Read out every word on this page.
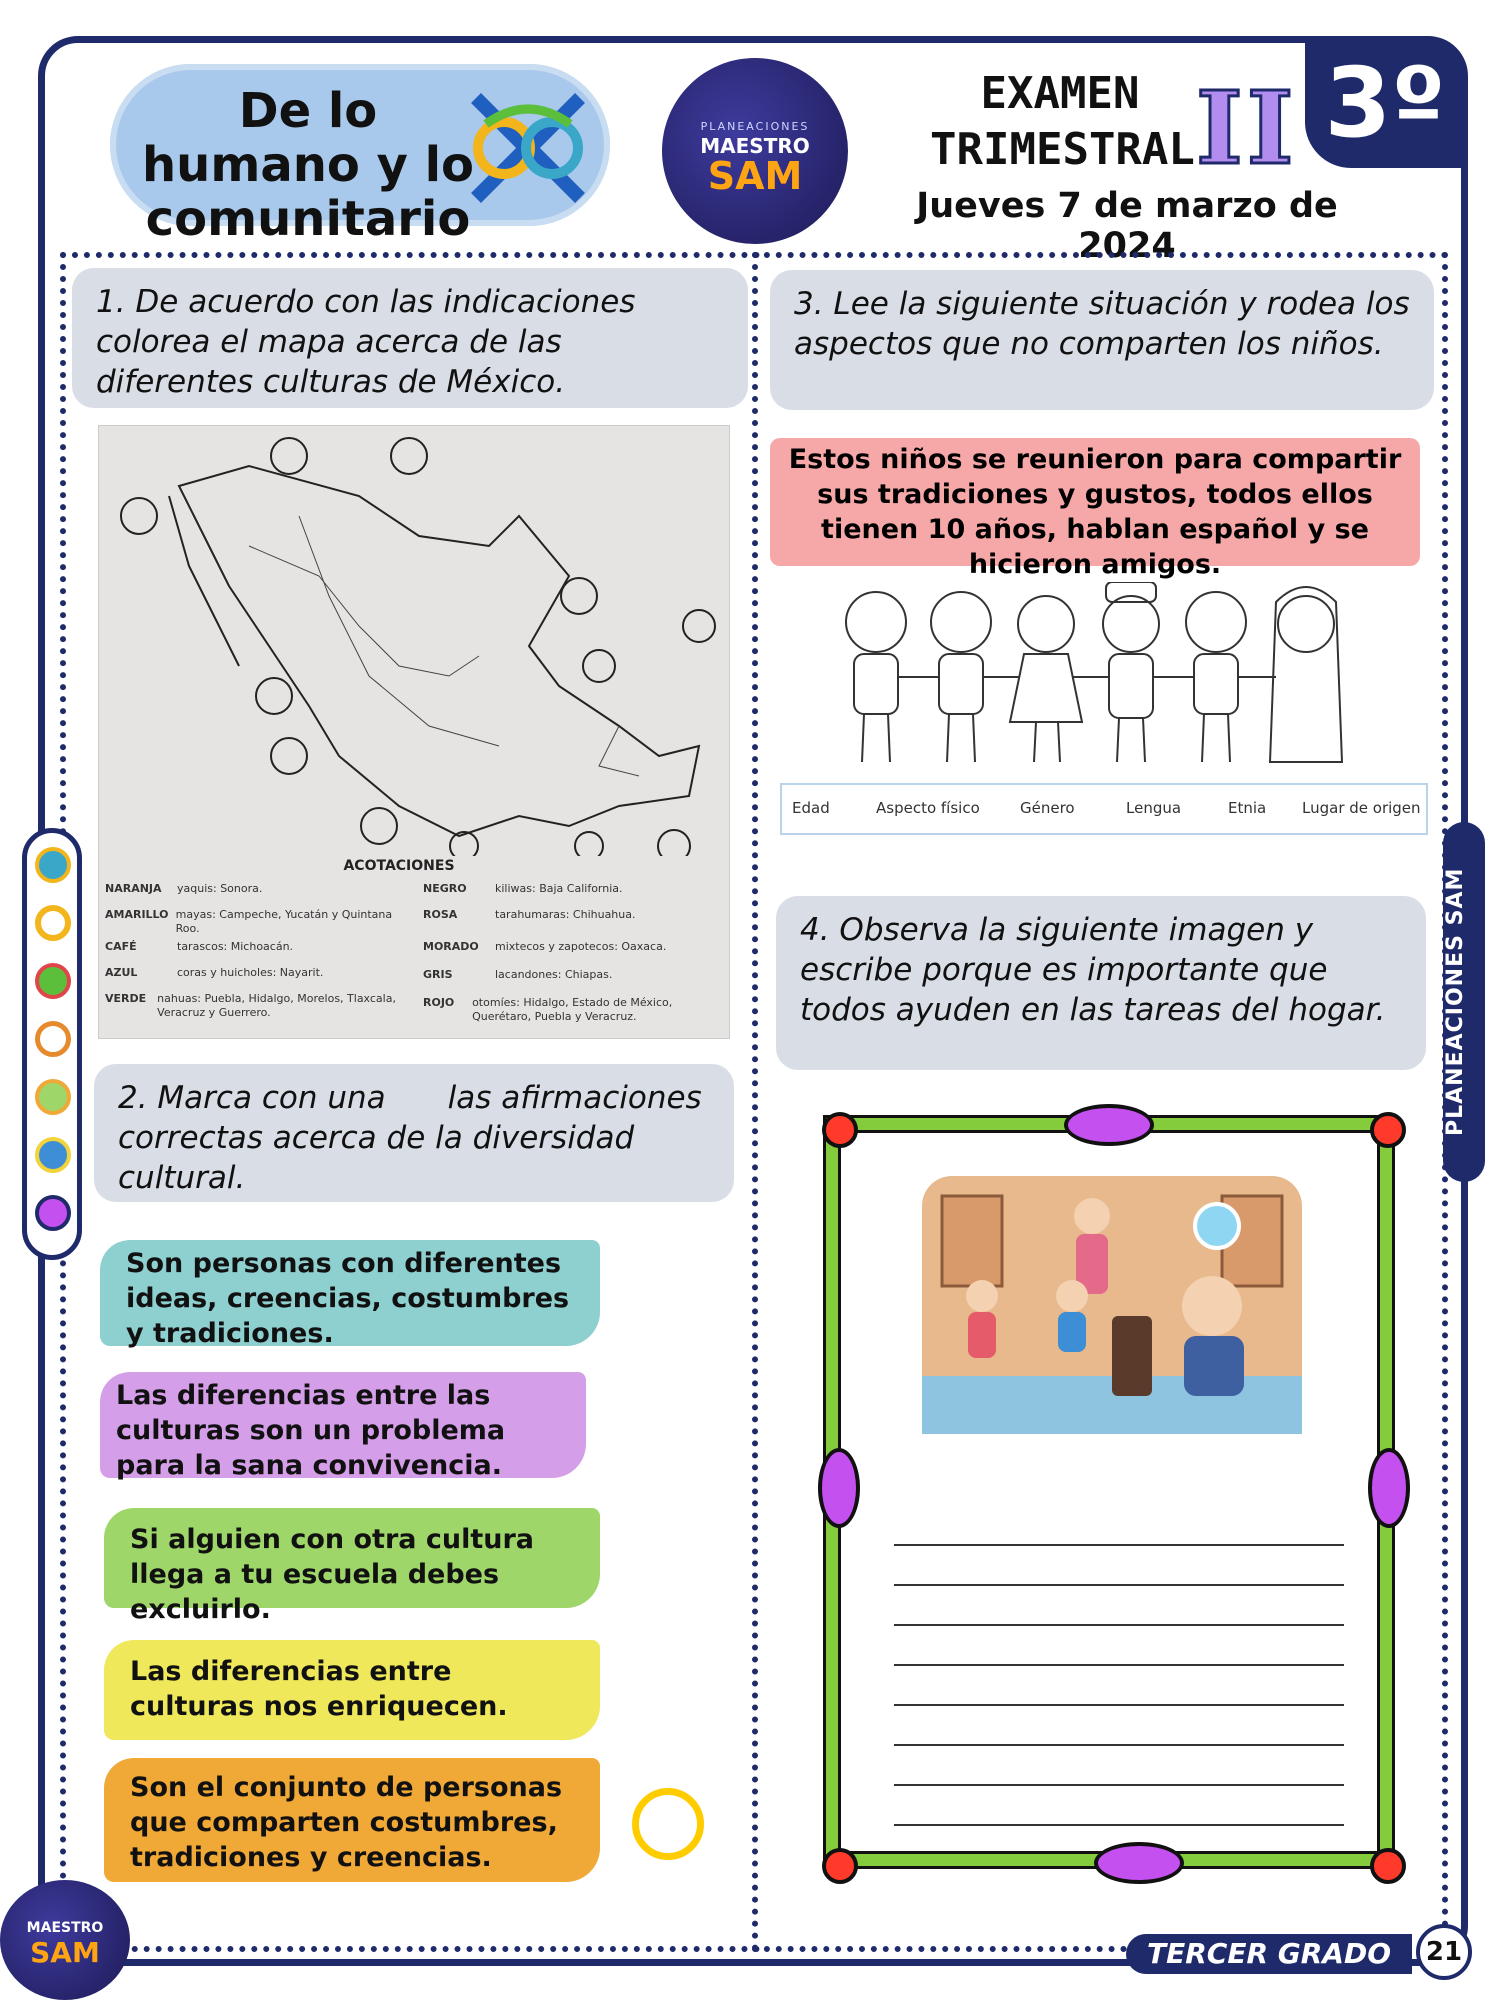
3º
De lo humano y lo comunitario
PLANEACIONES
MAESTRO
SAM
EXAMEN TRIMESTRAL II
Jueves 7 de marzo de 2024
1. De acuerdo con las indicaciones colorea el mapa acerca de las diferentes culturas de México.
ACOTACIONES
NARANJA	yaquis: Sonora.
AMARILLO mayas: Campeche, Yucatán y Quintana Roo.
CAFÉ	tarascos: Michoacán.
AZUL	coras y huicholes: Nayarit.
VERDE	nahuas: Puebla, Hidalgo, Morelos, Tlaxcala, Veracruz y Guerrero.
NEGRO	kiliwas: Baja California.
ROSA	tarahumaras: Chihuahua.
MORADO	mixtecos y zapotecos: Oaxaca.
GRIS	lacandones: Chiapas.
ROJO	otomíes: Hidalgo, Estado de México, Querétaro, Puebla y Veracruz.
2. Marca con una las afirmaciones correctas acerca de la diversidad cultural.
Son personas con diferentes ideas, creencias, costumbres y tradiciones.
Las diferencias entre las culturas son un problema para la sana convivencia.
Si alguien con otra cultura llega a tu escuela debes excluirlo.
Las diferencias entre culturas nos enriquecen.
Son el conjunto de personas que comparten costumbres, tradiciones y creencias.
3. Lee la siguiente situación y rodea los aspectos que no comparten los niños.
Estos niños se reunieron para compartir sus tradiciones y gustos, todos ellos tienen 10 años, hablan español y se hicieron amigos.
Edad	Aspecto físico	Género	Lengua	Etnia Lugar de origen
PLANEACIONES SAM
4. Observa la siguiente imagen y escribe porque es importante que todos ayuden en las tareas del hogar.
MAESTRO
SAM	TERCER GRADO	21
